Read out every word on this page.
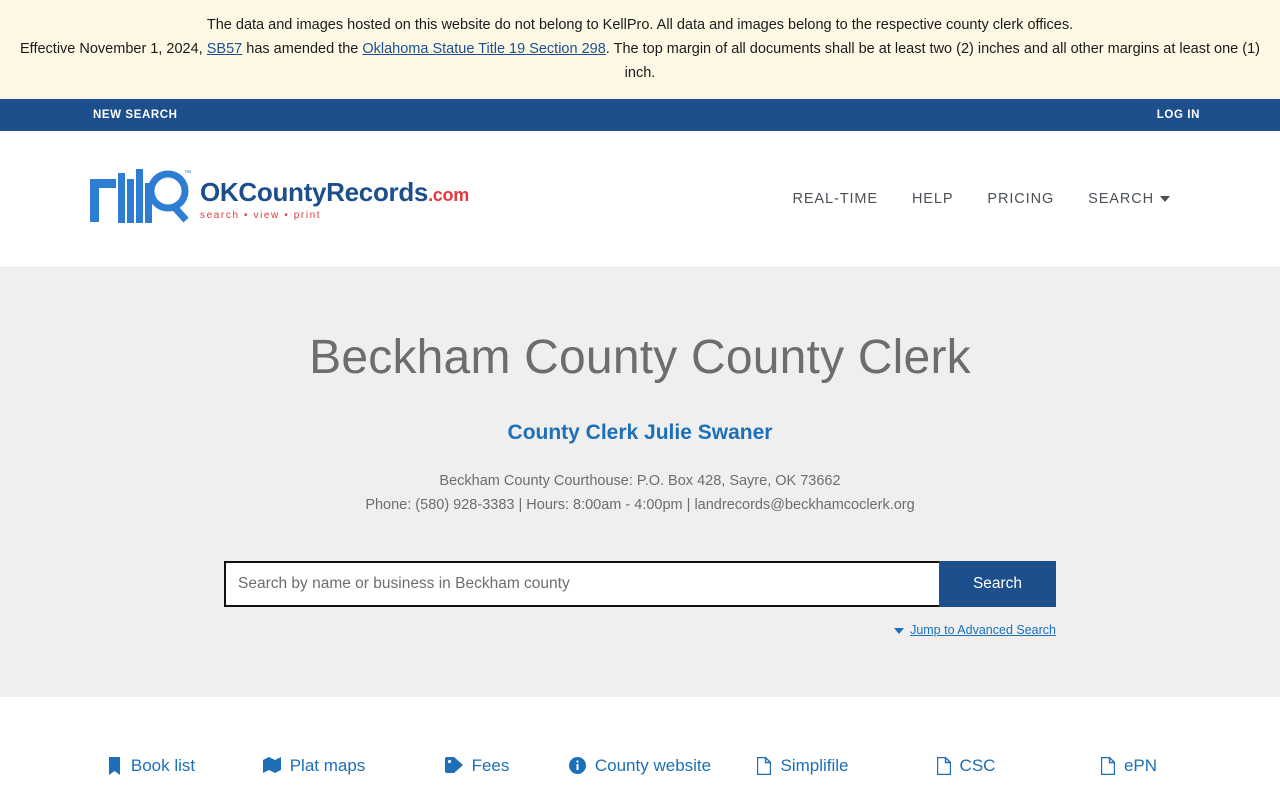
The data and images hosted on this website do not belong to KellPro. All data and images belong to the respective county clerk offices.
Effective November 1, 2024, SB57 has amended the Oklahoma Statue Title 19 Section 298. The top margin of all documents shall be at least two (2) inches and all other margins at least one (1) inch.
NEW SEARCH	LOG IN
™
OKCountyRecords.com
search • view • print
REAL-TIME HELP PRICING SEARCH
Beckham County County Clerk
County Clerk Julie Swaner
Beckham County Courthouse: P.O. Box 428, Sayre, OK 73662
Phone: (580) 928-3383 | Hours: 8:00am - 4:00pm | landrecords@beckhamcoclerk.org
Search by name or business in Beckham county
Search
Jump to Advanced Search
Book list	Plat maps	Fees	County website	Simplifile	CSC	ePN
